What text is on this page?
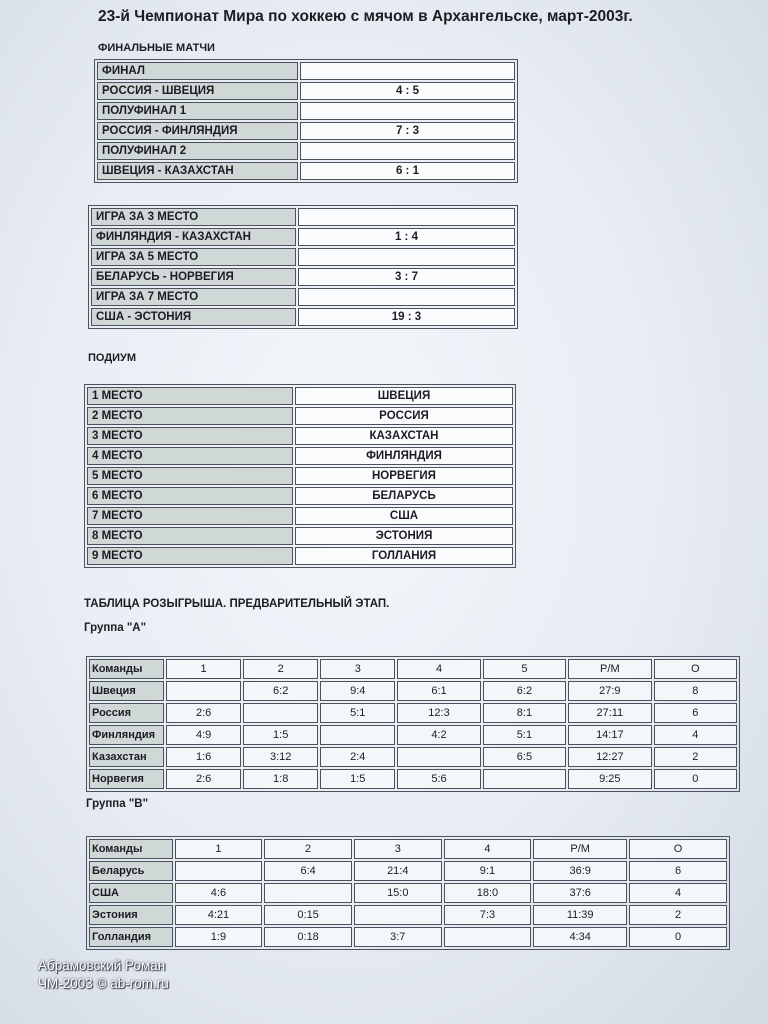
23-й Чемпионат Мира по хоккею с мячом в Архангельске, март-2003г.
ФИНАЛЬНЫЕ МАТЧИ
ФИНАЛ	
РОССИЯ - ШВЕЦИЯ	4 : 5
ПОЛУФИНАЛ 1	
РОССИЯ - ФИНЛЯНДИЯ	7 : 3
ПОЛУФИНАЛ 2	
ШВЕЦИЯ - КАЗАХСТАН	6 : 1
ИГРА ЗА 3 МЕСТО	
ФИНЛЯНДИЯ - КАЗАХСТАН	1 : 4
ИГРА ЗА 5 МЕСТО	
БЕЛАРУСЬ - НОРВЕГИЯ	3 : 7
ИГРА ЗА 7 МЕСТО	
США - ЭСТОНИЯ	19 : 3
ПОДИУМ
1 МЕСТО	ШВЕЦИЯ
2 МЕСТО	РОССИЯ
3 МЕСТО	КАЗАХСТАН
4 МЕСТО	ФИНЛЯНДИЯ
5 МЕСТО	НОРВЕГИЯ
6 МЕСТО	БЕЛАРУСЬ
7 МЕСТО	США
8 МЕСТО	ЭСТОНИЯ
9 МЕСТО	ГОЛЛАНИЯ
ТАБЛИЦА РОЗЫГРЫША. ПРЕДВАРИТЕЛЬНЫЙ ЭТАП.
Группа "А"
Команды	1	2	3	4	5	Р/М	О
Швеция		6:2	9:4	6:1	6:2	27:9	8
Россия	2:6		5:1	12:3	8:1	27:11	6
Финляндия	4:9	1:5		4:2	5:1	14:17	4
Казахстан	1:6	3:12	2:4		6:5	12:27	2
Норвегия	2:6	1:8	1:5	5:6		9:25	0
Группа "В"
Команды	1	2	3	4	Р/М	О
Беларусь		6:4	21:4	9:1	36:9	6
США	4:6		15:0	18:0	37:6	4
Эстония	4:21	0:15		7:3	11:39	2
Голландия	1:9	0:18	3:7		4:34	0
Абрамовский Роман
ЧМ-2003 © ab-rom.ru
